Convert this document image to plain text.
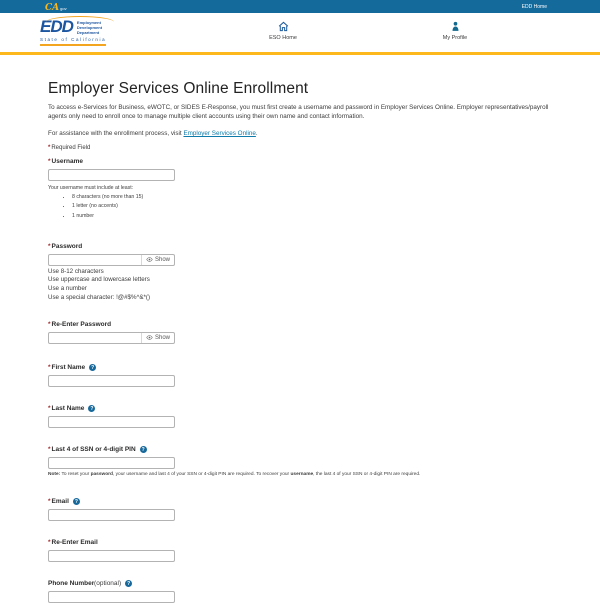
CAgov	EDD Home
EDD Employment
Development
Department
State of California	ESO Home	My Profile
Employer Services Online Enrollment

To access e-Services for Business, eWOTC, or SIDES E-Response, you must first create a username and password in Employer Services Online. Employer representatives/payroll agents only need to enroll once to manage multiple client accounts using their own name and contact information.

For assistance with the enrollment process, visit Employer Services Online.

*Required Field

*Username
Your username must include at least:
• 8 characters (no more than 15)
• 1 letter (no accents)
• 1 number
*Password
Show
Use 8-12 characters
Use uppercase and lowercase letters
Use a number
Use a special character: !@#$%^&*()
*Re-Enter Password
Show
*First Name	?
*Last Name	?
*Last 4 of SSN or 4-digit PIN	?
Note: To reset your password, your username and last 4 of your SSN or 4-digit PIN are required. To recover your username, the last 4 of your SSN or 4-digit PIN are required.
*Email	?
*Re-Enter Email
Phone Number (optional)	?
